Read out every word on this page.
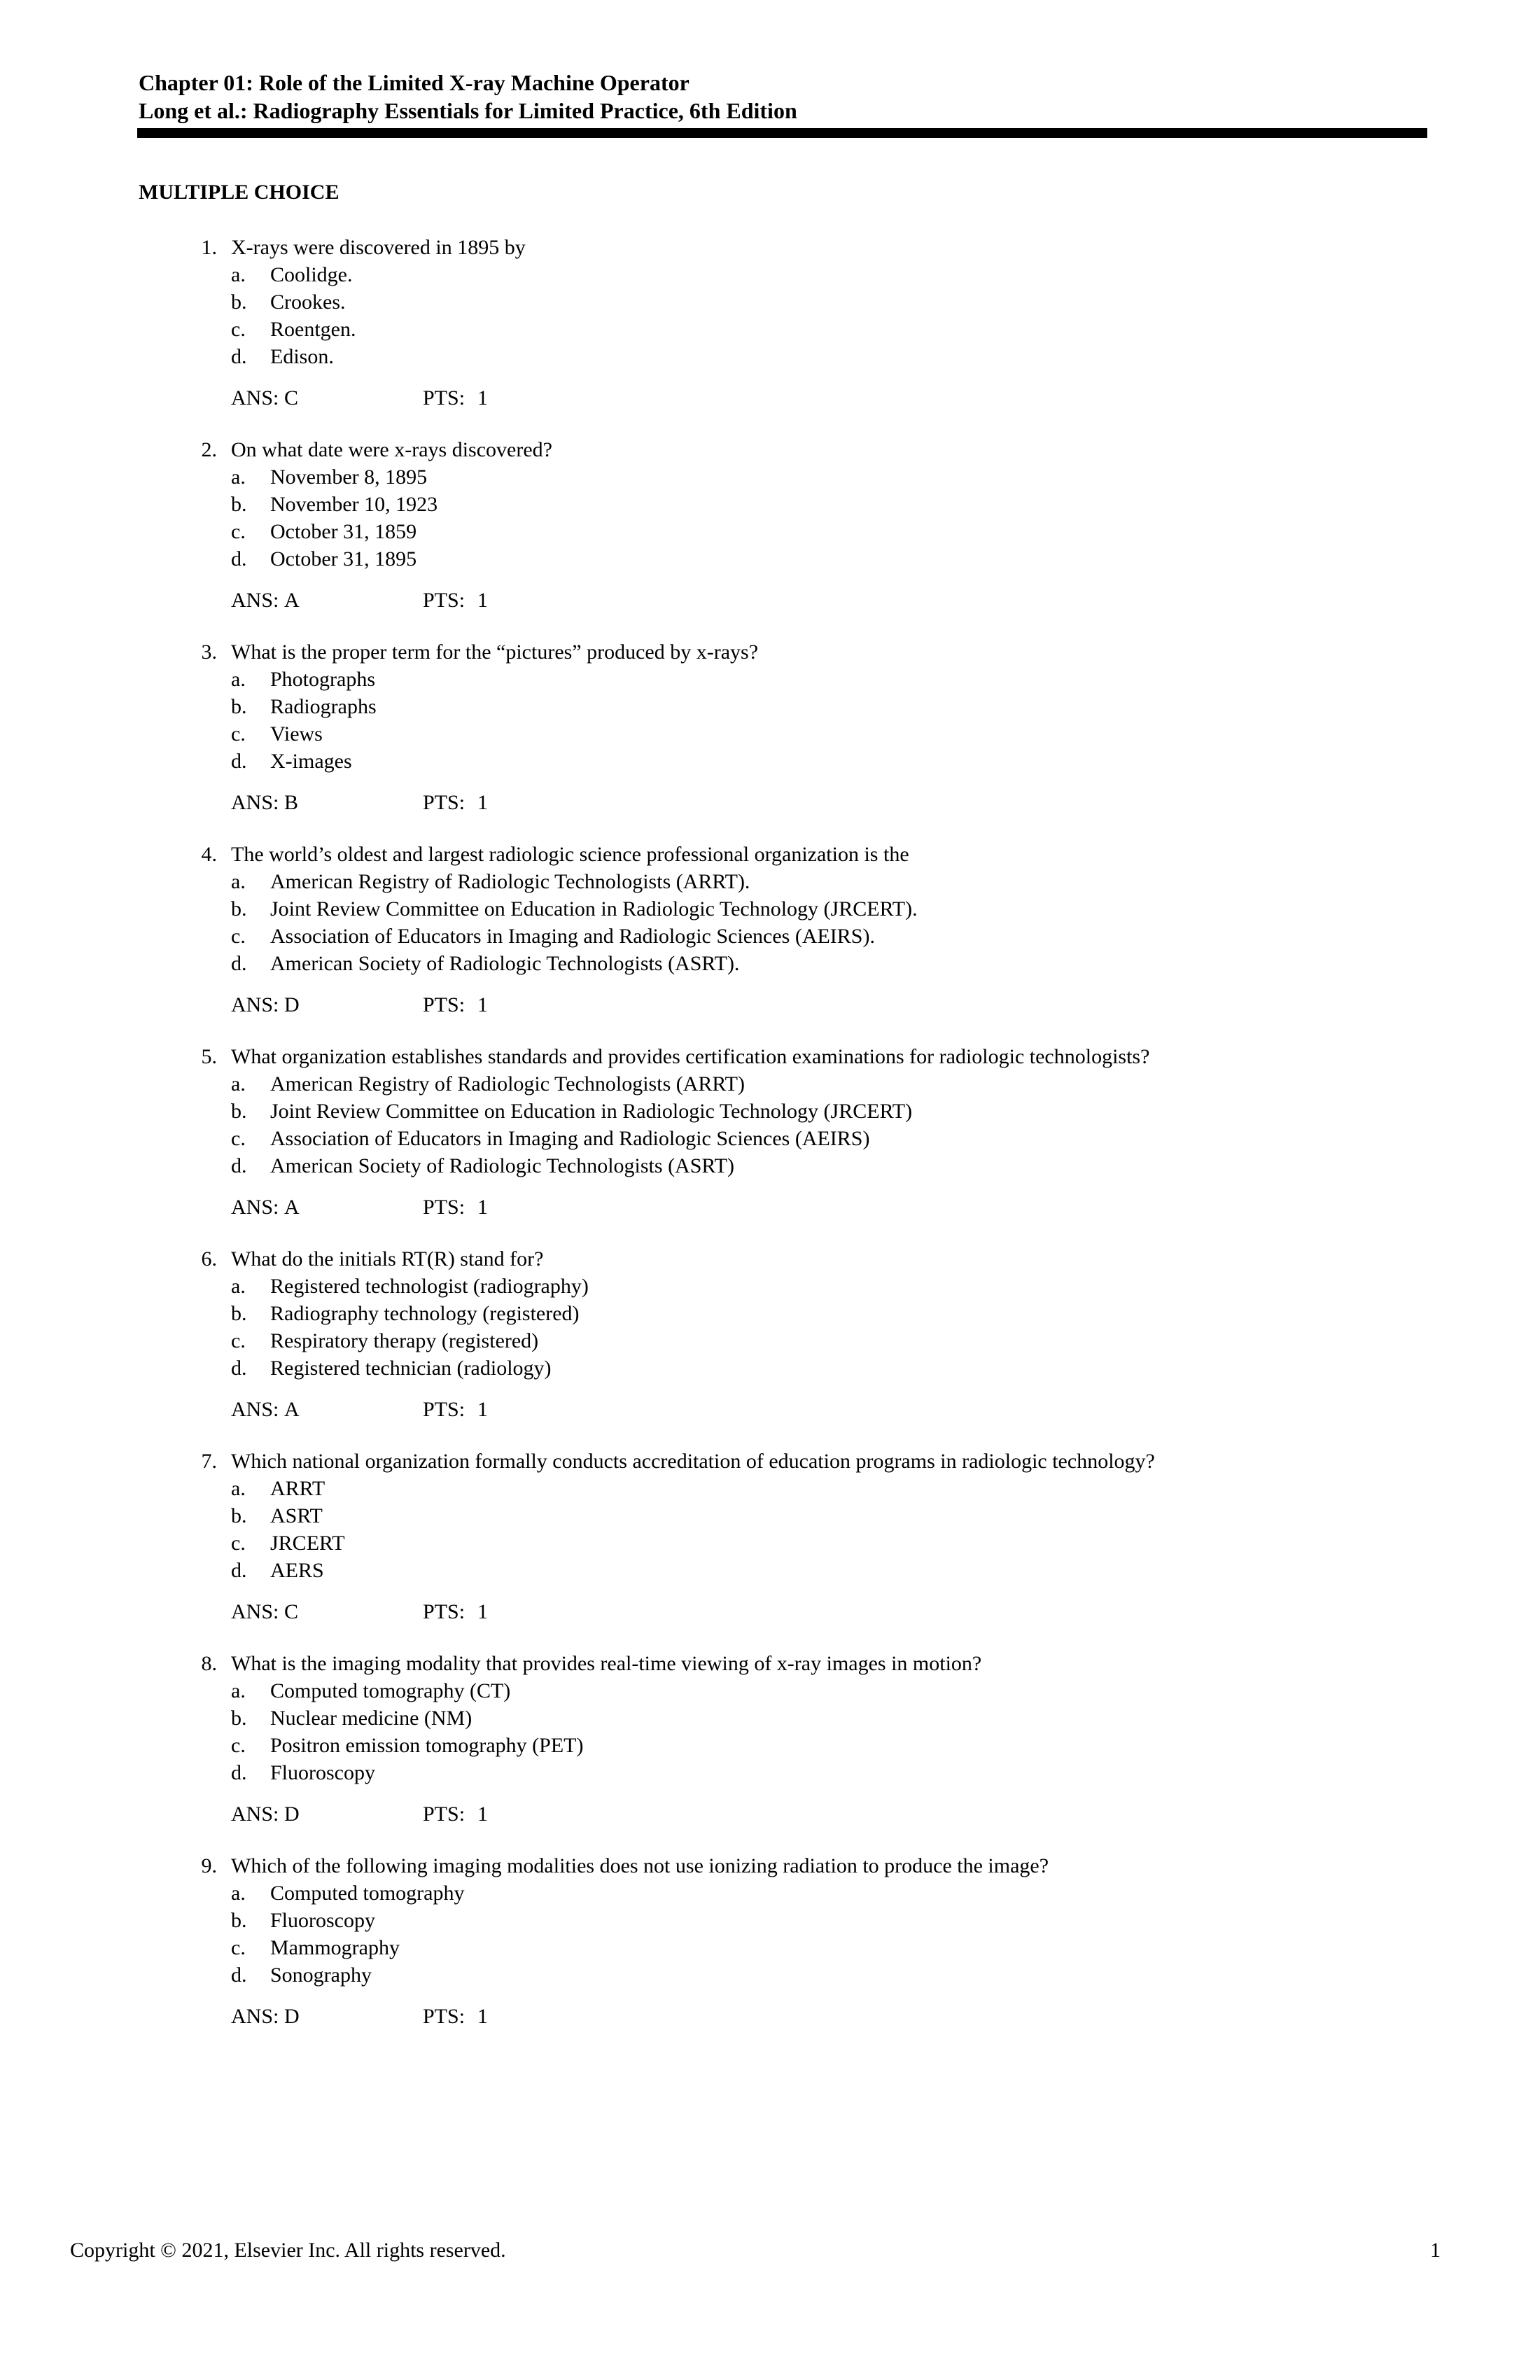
Chapter 01: Role of the Limited X-ray Machine Operator
Long et al.: Radiography Essentials for Limited Practice, 6th Edition
MULTIPLE CHOICE
1. X-rays were discovered in 1895 by
a.	Coolidge.
b.	Crookes.
c.	Roentgen.
d.	Edison.
ANS: C	PTS: 1
2. On what date were x-rays discovered?
a.	November 8, 1895
b.	November 10, 1923
c.	October 31, 1859
d.	October 31, 1895
ANS: A	PTS: 1
3. What is the proper term for the “pictures” produced by x-rays?
a.	Photographs
b.	Radiographs
c.	Views
d.	X-images
ANS: B	PTS: 1
4. The world’s oldest and largest radiologic science professional organization is the
a.	American Registry of Radiologic Technologists (ARRT).
b.	Joint Review Committee on Education in Radiologic Technology (JRCERT).
c.	Association of Educators in Imaging and Radiologic Sciences (AEIRS).
d.	American Society of Radiologic Technologists (ASRT).
ANS: D	PTS: 1
5. What organization establishes standards and provides certification examinations for radiologic technologists?
a.	American Registry of Radiologic Technologists (ARRT)
b.	Joint Review Committee on Education in Radiologic Technology (JRCERT)
c.	Association of Educators in Imaging and Radiologic Sciences (AEIRS)
d.	American Society of Radiologic Technologists (ASRT)
ANS: A	PTS: 1
6. What do the initials RT(R) stand for?
a.	Registered technologist (radiography)
b.	Radiography technology (registered)
c.	Respiratory therapy (registered)
d.	Registered technician (radiology)
ANS: A	PTS: 1
7. Which national organization formally conducts accreditation of education programs in radiologic technology?
a.	ARRT
b.	ASRT
c.	JRCERT
d.	AERS
ANS: C	PTS: 1
8. What is the imaging modality that provides real-time viewing of x-ray images in motion?
a.	Computed tomography (CT)
b.	Nuclear medicine (NM)
c.	Positron emission tomography (PET)
d.	Fluoroscopy
ANS: D	PTS: 1
9. Which of the following imaging modalities does not use ionizing radiation to produce the image?
a.	Computed tomography
b.	Fluoroscopy
c.	Mammography
d.	Sonography
ANS: D	PTS: 1
Copyright © 2021, Elsevier Inc. All rights reserved.	1
